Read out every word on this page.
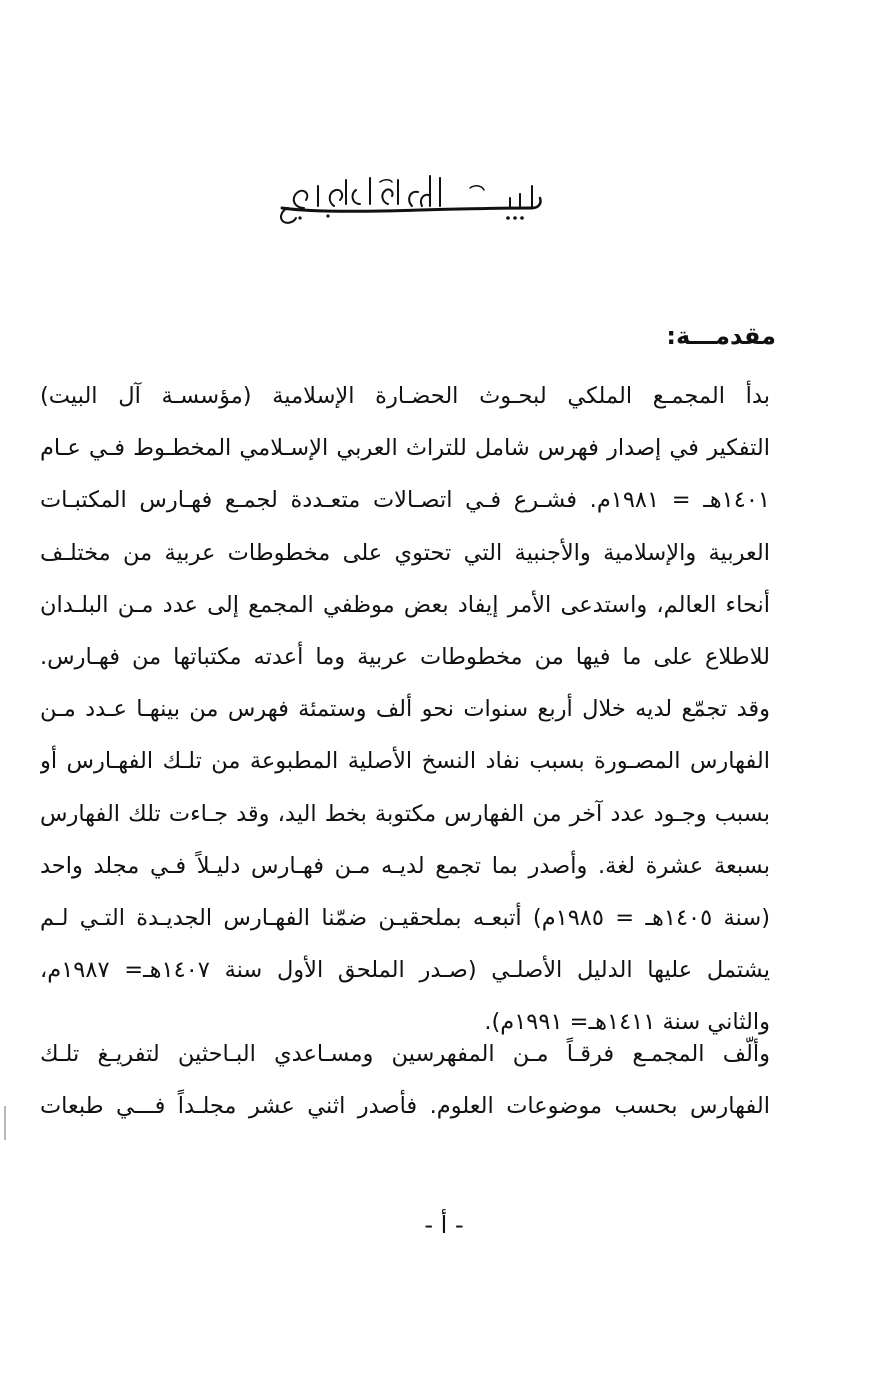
مقدمـــة:
بدأ المجمـع الملكي لبحـوث الحضـارة الإسلامية (مؤسسـة آل البيت)
التفكير في إصدار فهرس شامل للتراث العربي الإسـلامي المخطـوط فـي عـام
١٤٠١هـ = ١٩٨١م. فشـرع فـي اتصـالات متعـددة لجمـع فهـارس المكتبـات
العربية والإسلامية والأجنبية التي تحتوي على مخطوطات عربية من مختلـف
أنحاء العالم، واستدعى الأمر إيفاد بعض موظفي المجمع إلى عدد مـن البلـدان
للاطلاع على ما فيها من مخطوطات عربية وما أعدته مكتباتها من فهـارس.
وقد تجمّع لديه خلال أربع سنوات نحو ألف وستمئة فهرس من بينهـا عـدد مـن
الفهارس المصـورة بسبب نفاد النسخ الأصلية المطبوعة من تلـك الفهـارس أو
بسبب وجـود عدد آخر من الفهارس مكتوبة بخط اليد، وقد جـاءت تلك الفهارس
بسبعة عشرة لغة. وأصدر بما تجمع لديـه مـن فهـارس دليـلاً فـي مجلد واحد
(سنة ١٤٠٥هـ = ١٩٨٥م) أتبعـه بملحقيـن ضمّنا الفهـارس الجديـدة التـي لـم
يشتمل عليها الدليل الأصلـي (صـدر الملحق الأول سنة ١٤٠٧هـ= ١٩٨٧م،
والثاني سنة ١٤١١هـ= ١٩٩١م).
وألّف المجمـع فرقـاً مـن المفهرسين ومسـاعدي البـاحثين لتفريـغ تلـك
الفهارس بحسب موضوعات العلوم. فأصدر اثني عشر مجلـداً فـــي طبعات
- أ -
